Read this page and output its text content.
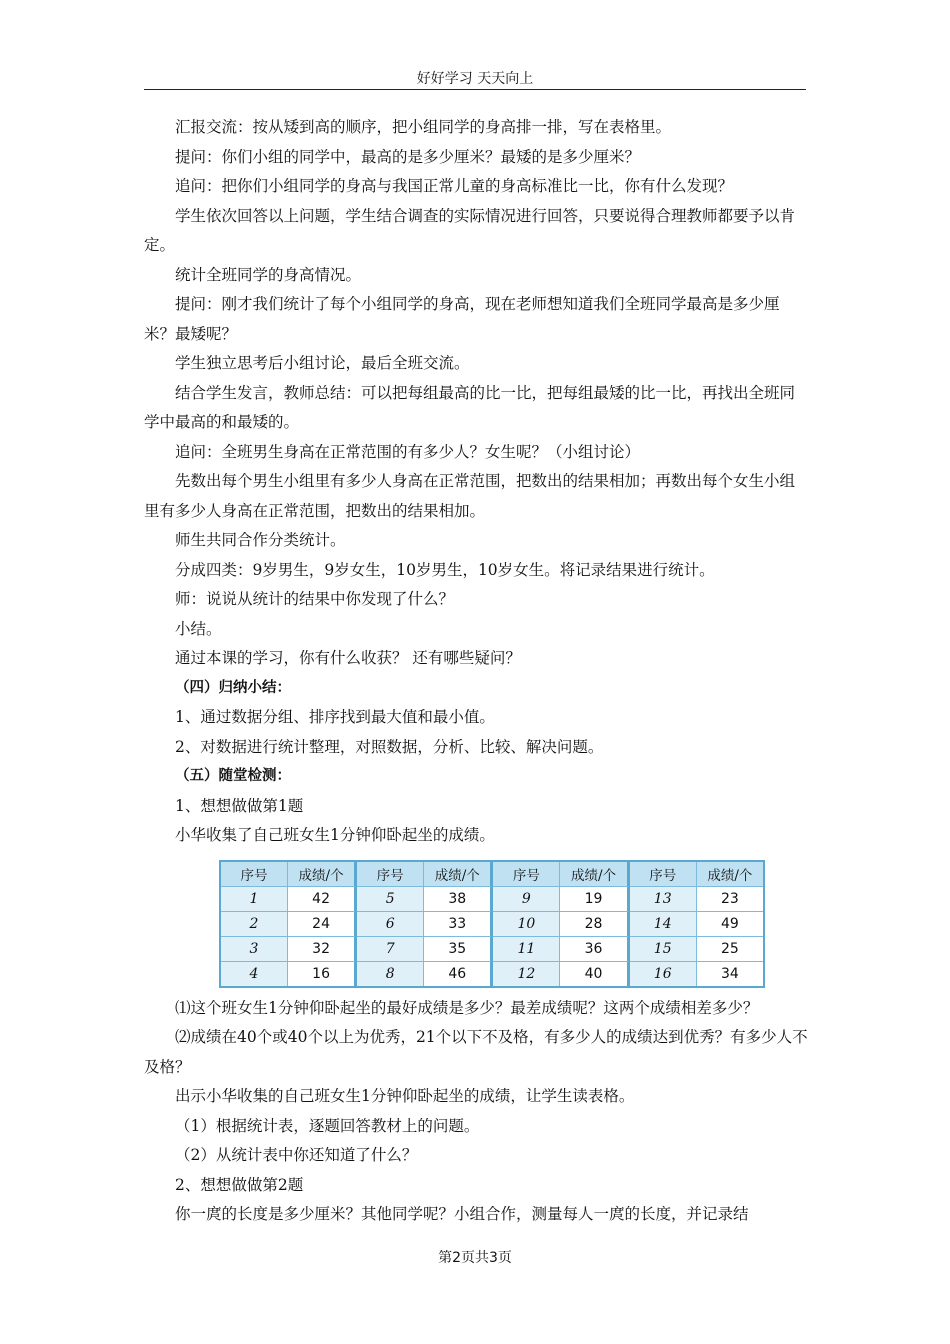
好好学习 天天向上

汇报交流：按从矮到高的顺序，把小组同学的身高排一排，写在表格里。

提问：你们小组的同学中，最高的是多少厘米？最矮的是多少厘米？

追问：把你们小组同学的身高与我国正常儿童的身高标准比一比，你有什么发现？

学生依次回答以上问题，学生结合调查的实际情况进行回答，只要说得合理教师都要予以肯定。

统计全班同学的身高情况。

提问：刚才我们统计了每个小组同学的身高，现在老师想知道我们全班同学最高是多少厘米？最矮呢？

学生独立思考后小组讨论，最后全班交流。

结合学生发言，教师总结：可以把每组最高的比一比，把每组最矮的比一比，再找出全班同学中最高的和最矮的。

追问：全班男生身高在正常范围的有多少人？女生呢？（小组讨论）

先数出每个男生小组里有多少人身高在正常范围，把数出的结果相加；再数出每个女生小组里有多少人身高在正常范围，把数出的结果相加。

师生共同合作分类统计。

分成四类：9岁男生，9岁女生，10岁男生，10岁女生。将记录结果进行统计。

师：说说从统计的结果中你发现了什么？

小结。

通过本课的学习，你有什么收获？ 还有哪些疑问？

（四）归纳小结：

1、通过数据分组、排序找到最大值和最小值。

2、对数据进行统计整理，对照数据，分析、比较、解决问题。

（五）随堂检测：

1、想想做做第1题

小华收集了自己班女生1分钟仰卧起坐的成绩。

序号	成绩/个	序号	成绩/个	序号	成绩/个	序号	成绩/个
1	42	5	38	9	19	13	23
2	24	6	33	10	28	14	49
3	32	7	35	11	36	15	25
4	16	8	46	12	40	16	34

⑴这个班女生1分钟仰卧起坐的最好成绩是多少？最差成绩呢？这两个成绩相差多少？

⑵成绩在40个或40个以上为优秀，21个以下不及格，有多少人的成绩达到优秀？有多少人不及格？

出示小华收集的自己班女生1分钟仰卧起坐的成绩，让学生读表格。

（1）根据统计表，逐题回答教材上的问题。

（2）从统计表中你还知道了什么？

2、想想做做第2题

你一庹的长度是多少厘米？其他同学呢？小组合作，测量每人一庹的长度，并记录结

第2页共3页
